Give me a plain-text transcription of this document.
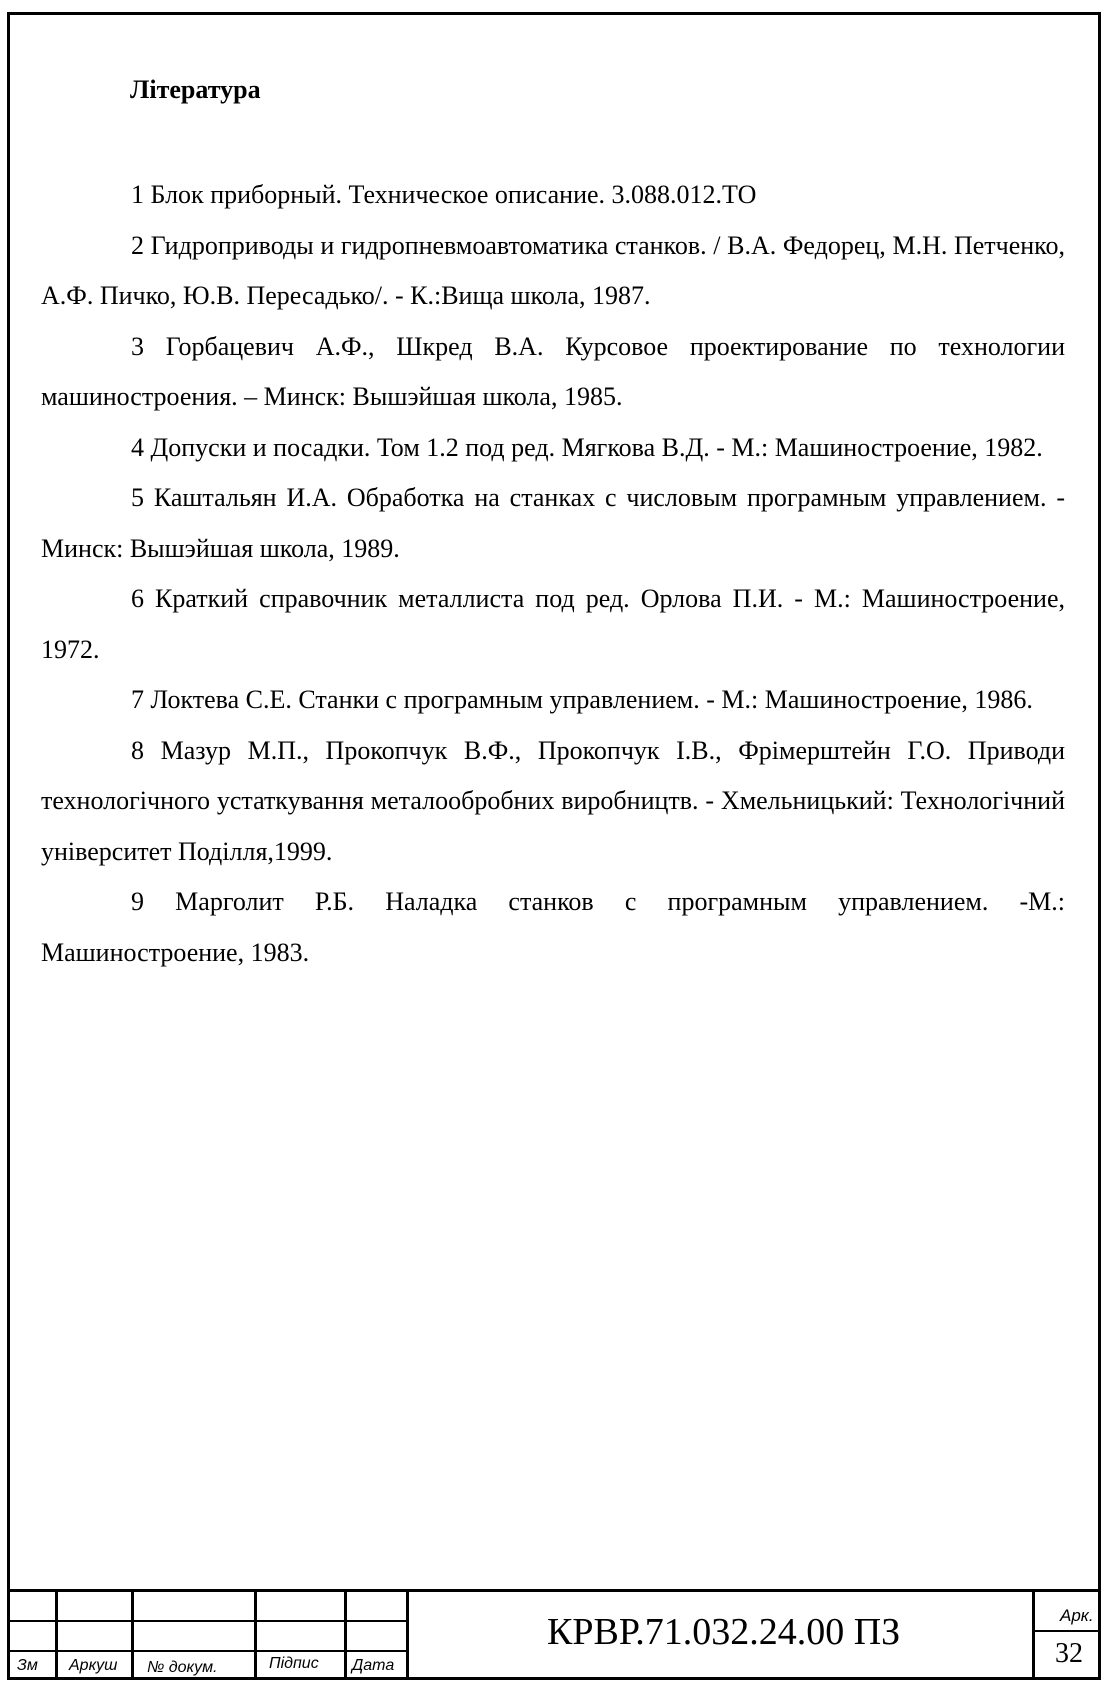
Література
1 Блок приборный. Техническое описание. 3.088.012.ТО
2 Гидроприводы и гидропневмоавтоматика станков. / В.А. Федорец, М.Н. Петченко, А.Ф. Пичко, Ю.В. Пересадько/. - К.:Вища школа, 1987.
3 Горбацевич А.Ф., Шкред В.А. Курсовое проектирование по технологии машиностроения. – Минск: Вышэйшая школа, 1985.
4 Допуски и посадки. Том 1.2 под ред. Мягкова В.Д. - М.: Машиностроение, 1982.
5 Каштальян И.А. Обработка на станках с числовым програмным управлением. - Минск: Вышэйшая школа, 1989.
6 Краткий справочник металлиста под ред. Орлова П.И. - М.: Машиностроение, 1972.
7 Локтева С.Е. Станки с програмным управлением. - М.: Машиностроение, 1986.
8 Мазур М.П., Прокопчук В.Ф., Прокопчук І.В., Фрімерштейн Г.О. Приводи технологічного устаткування металообробних виробництв. - Хмельницький: Технологічний університет Поділля,1999.
9 Марголит Р.Б. Наладка станков с програмным управлением. -М.: Машиностроение, 1983.
Зм Аркуш № докум.	Підпис Дата
КРВР.71.032.24.00 ПЗ	Арк.
32
